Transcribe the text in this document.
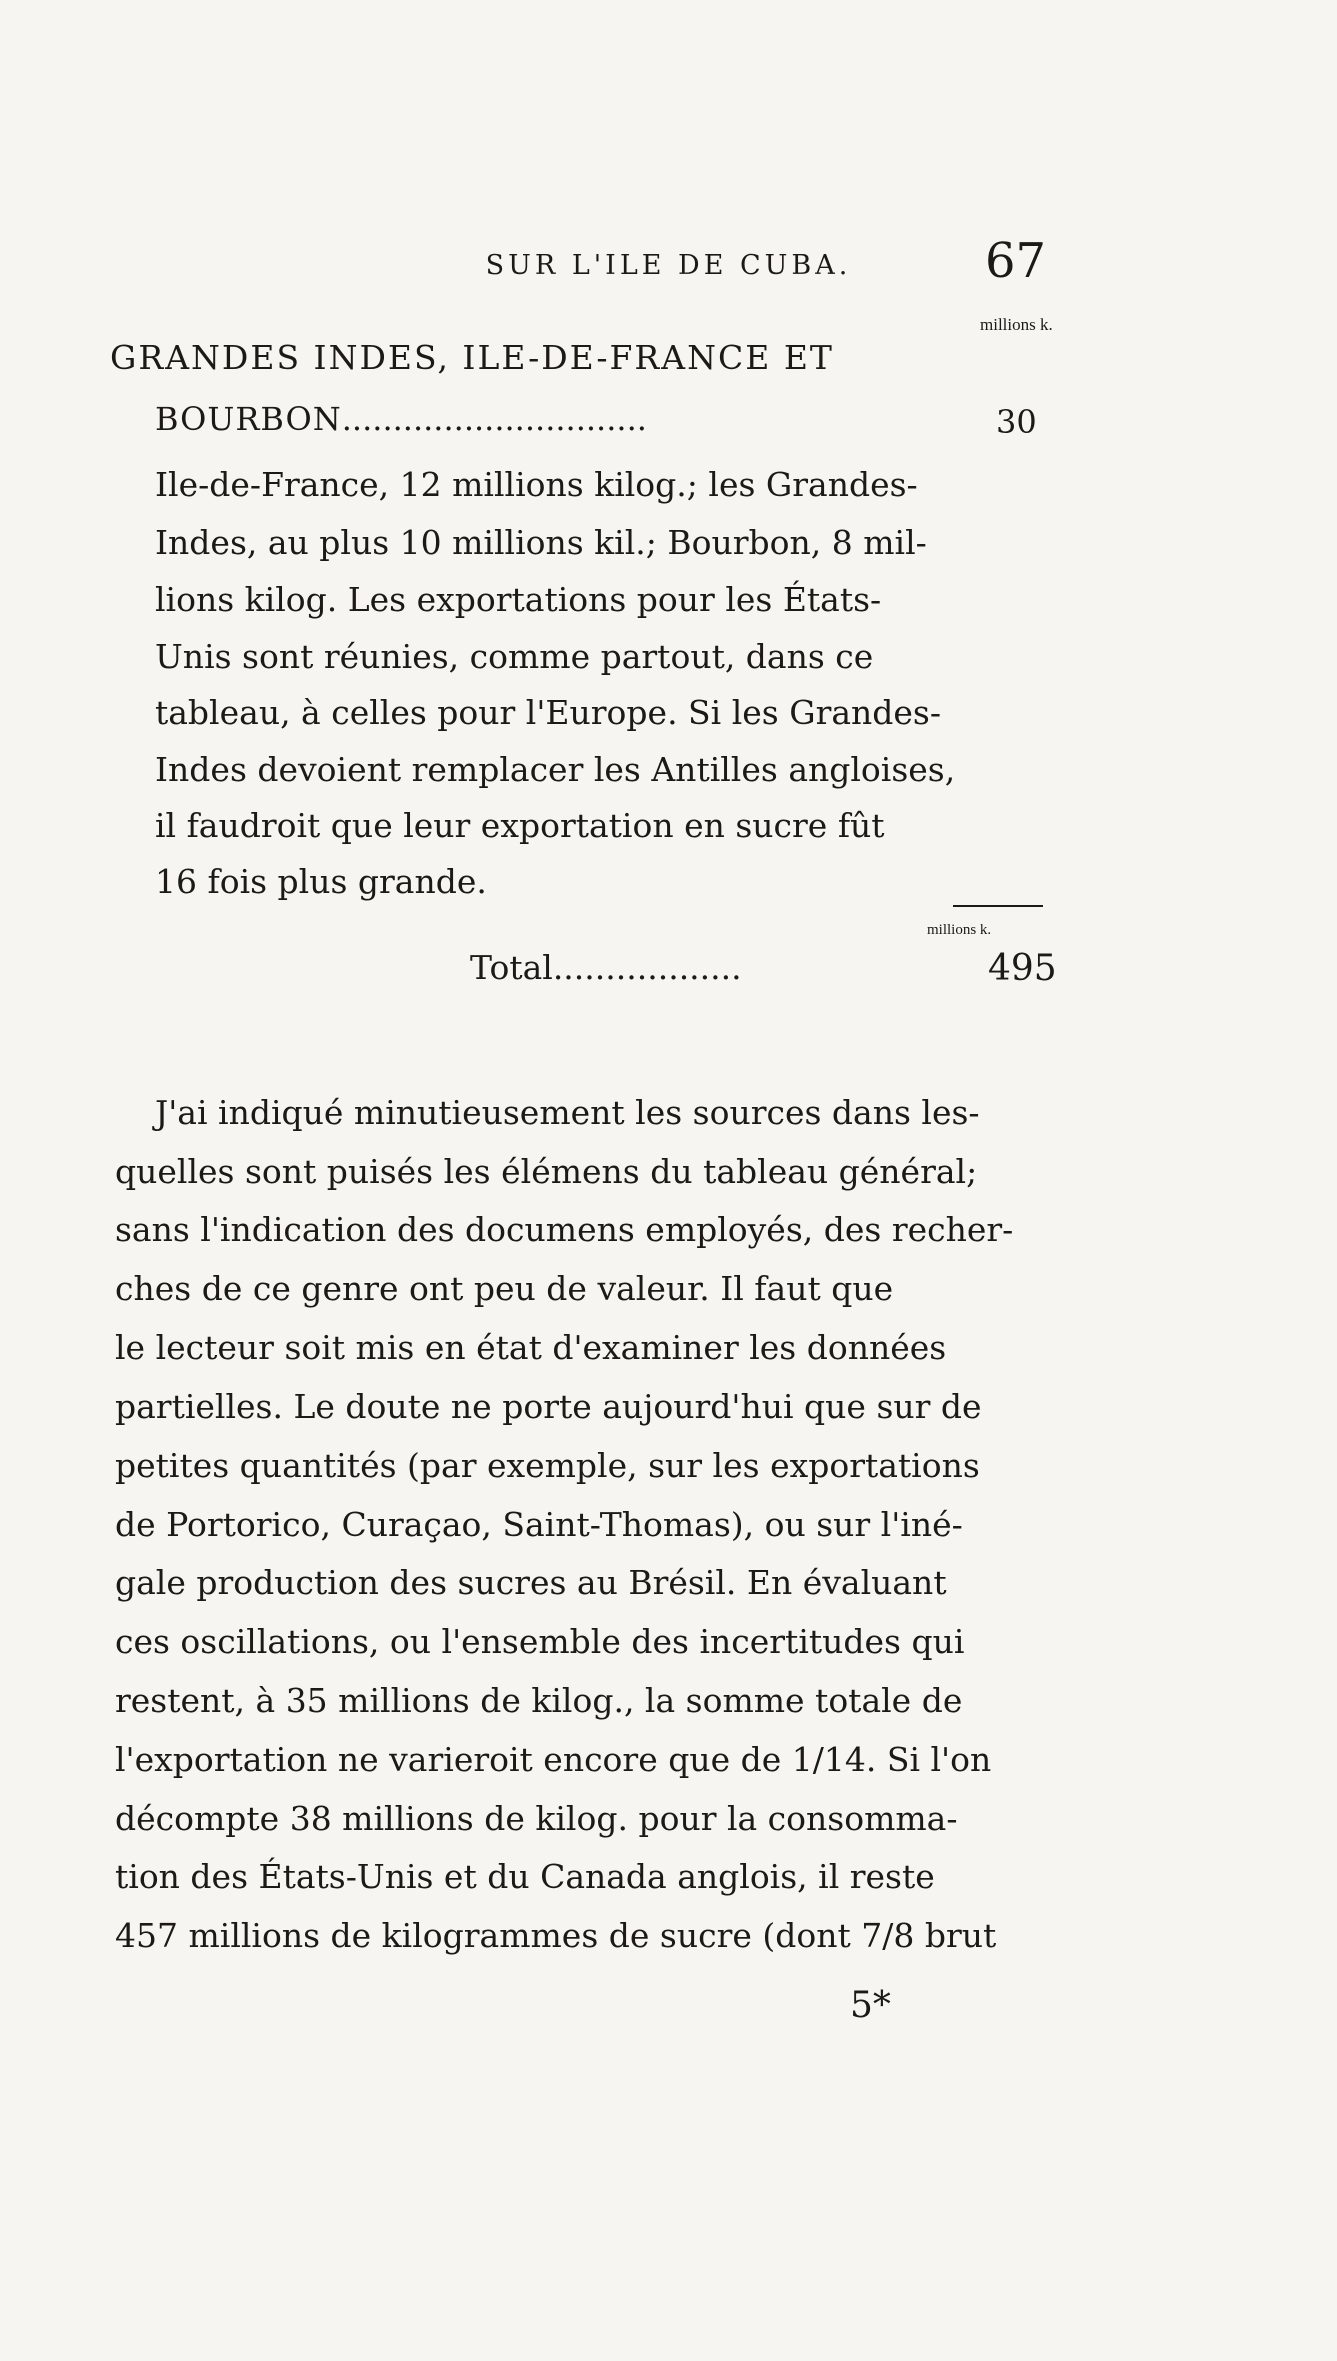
SUR L'ILE DE CUBA.	67
millions k.
GRANDES INDES, ILE-DE-FRANCE ET
BOURBON..............................	30
Ile-de-France, 12 millions kilog.; les Grandes-
Indes, au plus 10 millions kil.; Bourbon, 8 mil-
lions kilog. Les exportations pour les États-
Unis sont réunies, comme partout, dans ce
tableau, à celles pour l'Europe. Si les Grandes-
Indes devoient remplacer les Antilles angloises,
il faudroit que leur exportation en sucre fût
16 fois plus grande.
millions k.
Total..................	495
J'ai indiqué minutieusement les sources dans les-
quelles sont puisés les élémens du tableau général;
sans l'indication des documens employés, des recher-
ches de ce genre ont peu de valeur. Il faut que
le lecteur soit mis en état d'examiner les données
partielles. Le doute ne porte aujourd'hui que sur de
petites quantités (par exemple, sur les exportations
de Portorico, Curaçao, Saint-Thomas), ou sur l'iné-
gale production des sucres au Brésil. En évaluant
ces oscillations, ou l'ensemble des incertitudes qui
restent, à 35 millions de kilog., la somme totale de
l'exportation ne varieroit encore que de 1/14. Si l'on
décompte 38 millions de kilog. pour la consomma-
tion des États-Unis et du Canada anglois, il reste
457 millions de kilogrammes de sucre (dont 7/8 brut
5*
